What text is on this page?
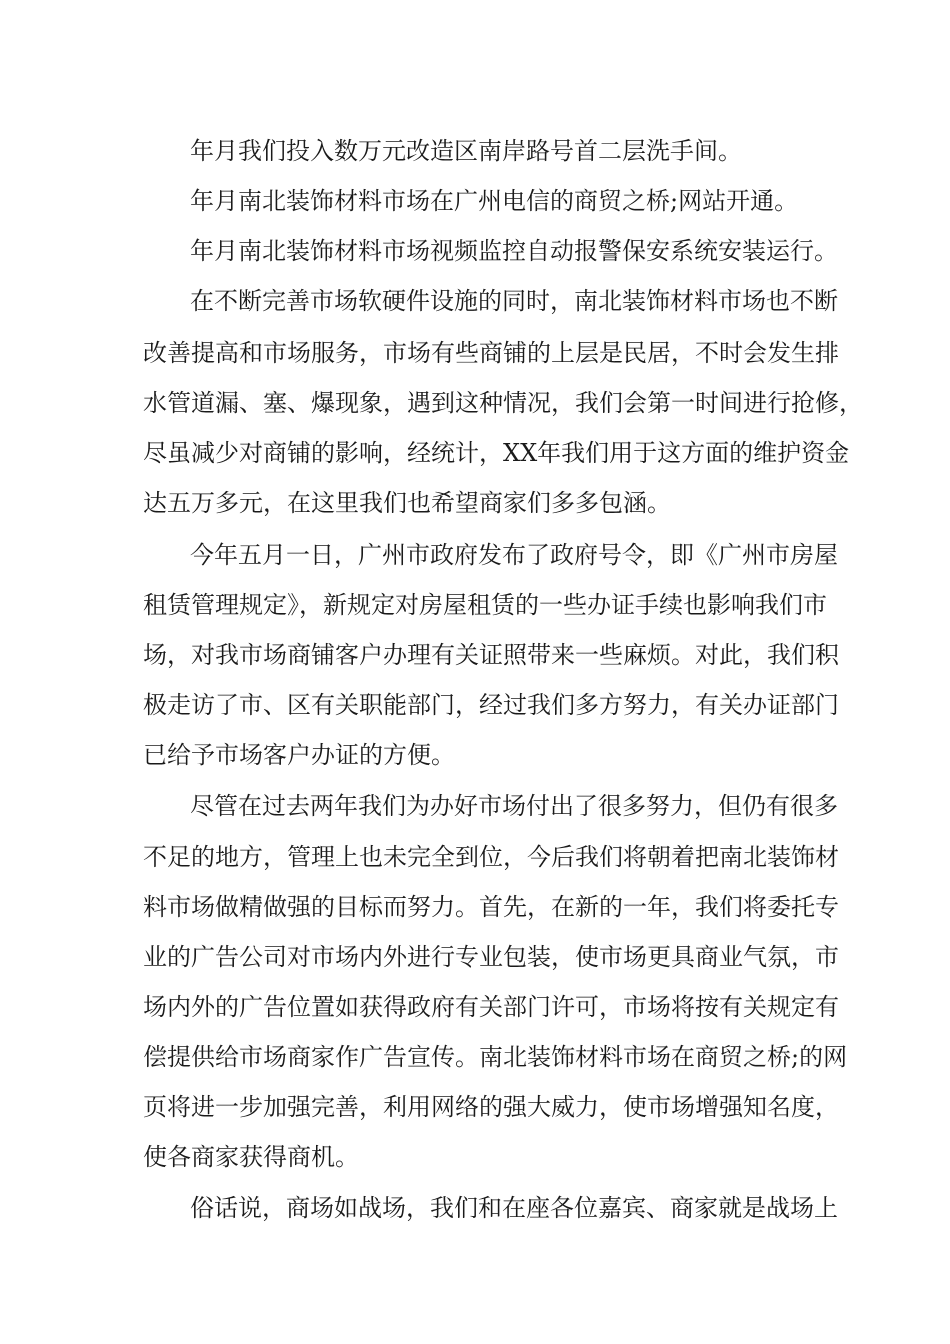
年月我们投入数万元改造区南岸路号首二层洗手间。

年月南北装饰材料市场在广州电信的商贸之桥;网站开通。

年月南北装饰材料市场视频监控自动报警保安系统安装运行。

在不断完善市场软硬件设施的同时，南北装饰材料市场也不断

改善提高和市场服务，市场有些商铺的上层是民居，不时会发生排

水管道漏、塞、爆现象，遇到这种情况，我们会第一时间进行抢修，

尽虽减少对商铺的影响，经统计，XX年我们用于这方面的维护资金

达五万多元，在这里我们也希望商家们多多包涵。

今年五月一日，广州市政府发布了政府号令，即《广州市房屋

租赁管理规定》，新规定对房屋租赁的一些办证手续也影响我们市

场，对我市场商铺客户办理有关证照带来一些麻烦。对此，我们积

极走访了市、区有关职能部门，经过我们多方努力，有关办证部门

已给予市场客户办证的方便。

尽管在过去两年我们为办好市场付出了很多努力，但仍有很多

不足的地方，管理上也未完全到位，今后我们将朝着把南北装饰材

料市场做精做强的目标而努力。首先，在新的一年，我们将委托专

业的广告公司对市场内外进行专业包装，使市场更具商业气氛，市

场内外的广告位置如获得政府有关部门许可，市场将按有关规定有

偿提供给市场商家作广告宣传。南北装饰材料市场在商贸之桥;的网

页将进一步加强完善，利用网络的强大威力，使市场增强知名度，

使各商家获得商机。

俗话说，商场如战场，我们和在座各位嘉宾、商家就是战场上
